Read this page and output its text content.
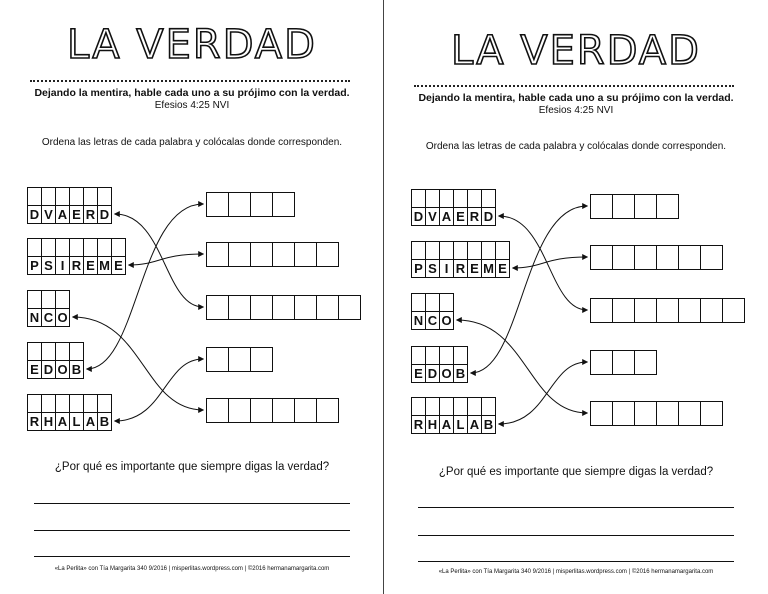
LA VERDAD
Dejando la mentira, hable cada uno a su prójimo con la verdad.
Efesios 4:25 NVI
Ordena las letras de cada palabra y colócalas donde corresponden.
¿Por qué es importante que siempre digas la verdad?
«La Perlita» con Tía Margarita 340 9/2016 | misperlitas.wordpress.com | ©2016 hermanamargarita.com
D V A E R D
P S I R E M E
N C O
E D O B
R H A L A B
LA VERDAD
Dejando la mentira, hable cada uno a su prójimo con la verdad.
Efesios 4:25 NVI
Ordena las letras de cada palabra y colócalas donde corresponden.
¿Por qué es importante que siempre digas la verdad?
«La Perlita» con Tía Margarita 340 9/2016 | misperlitas.wordpress.com | ©2016 hermanamargarita.com
D V A E R D
P S I R E M E
N C O
E D O B
R H A L A B
